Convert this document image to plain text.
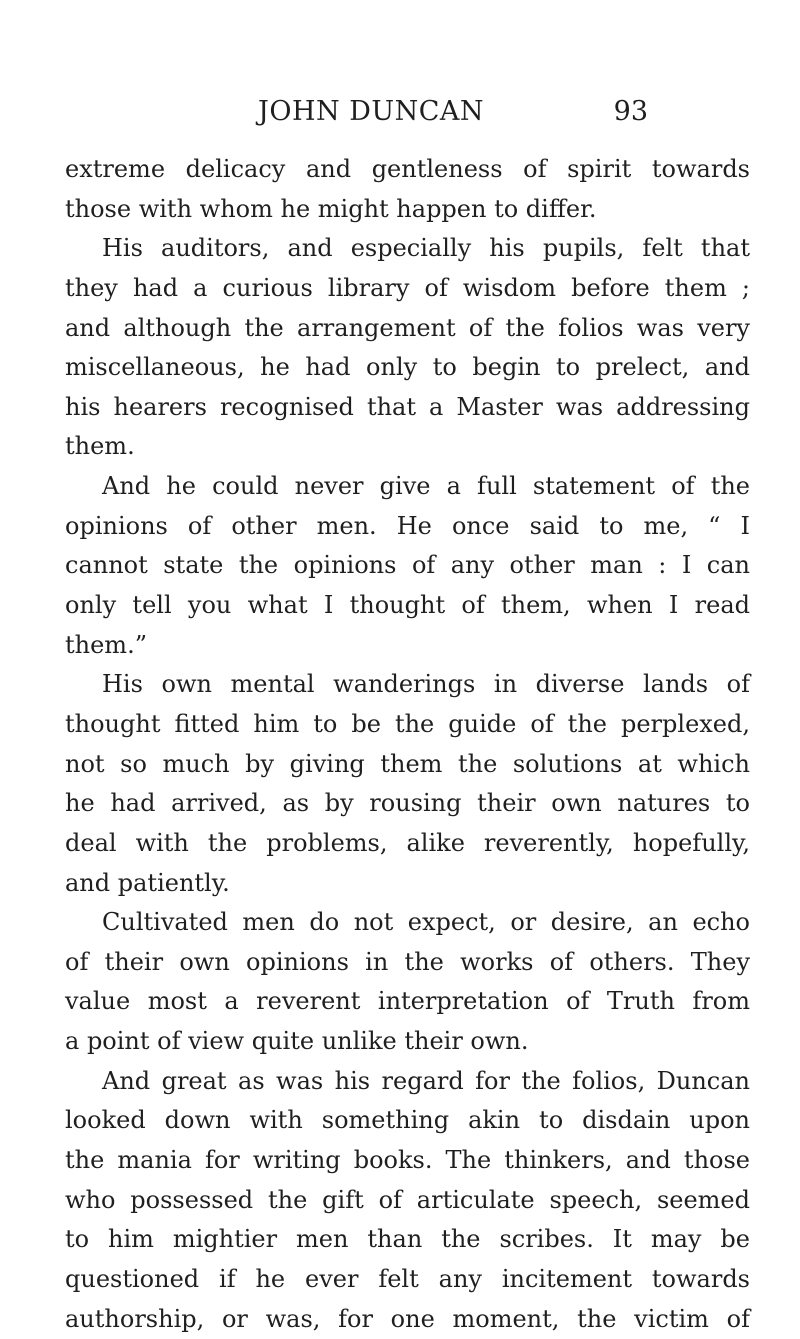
JOHN DUNCAN	93
extreme delicacy and gentleness of spirit towards
those with whom he might happen to differ.
His auditors, and especially his pupils, felt that
they had a curious library of wisdom before them ;
and although the arrangement of the folios was very
miscellaneous, he had only to begin to prelect, and
his hearers recognised that a Master was addressing
them.
And he could never give a full statement of the
opinions of other men. He once said to me, “ I
cannot state the opinions of any other man : I can
only tell you what I thought of them, when I read
them.”
His own mental wanderings in diverse lands of
thought fitted him to be the guide of the perplexed,
not so much by giving them the solutions at which
he had arrived, as by rousing their own natures to
deal with the problems, alike reverently, hopefully,
and patiently.
Cultivated men do not expect, or desire, an echo
of their own opinions in the works of others. They
value most a reverent interpretation of Truth from
a point of view quite unlike their own.
And great as was his regard for the folios, Duncan
looked down with something akin to disdain upon
the mania for writing books. The thinkers, and those
who possessed the gift of articulate speech, seemed
to him mightier men than the scribes. It may be
questioned if he ever felt any incitement towards
authorship, or was, for one moment, the victim of
